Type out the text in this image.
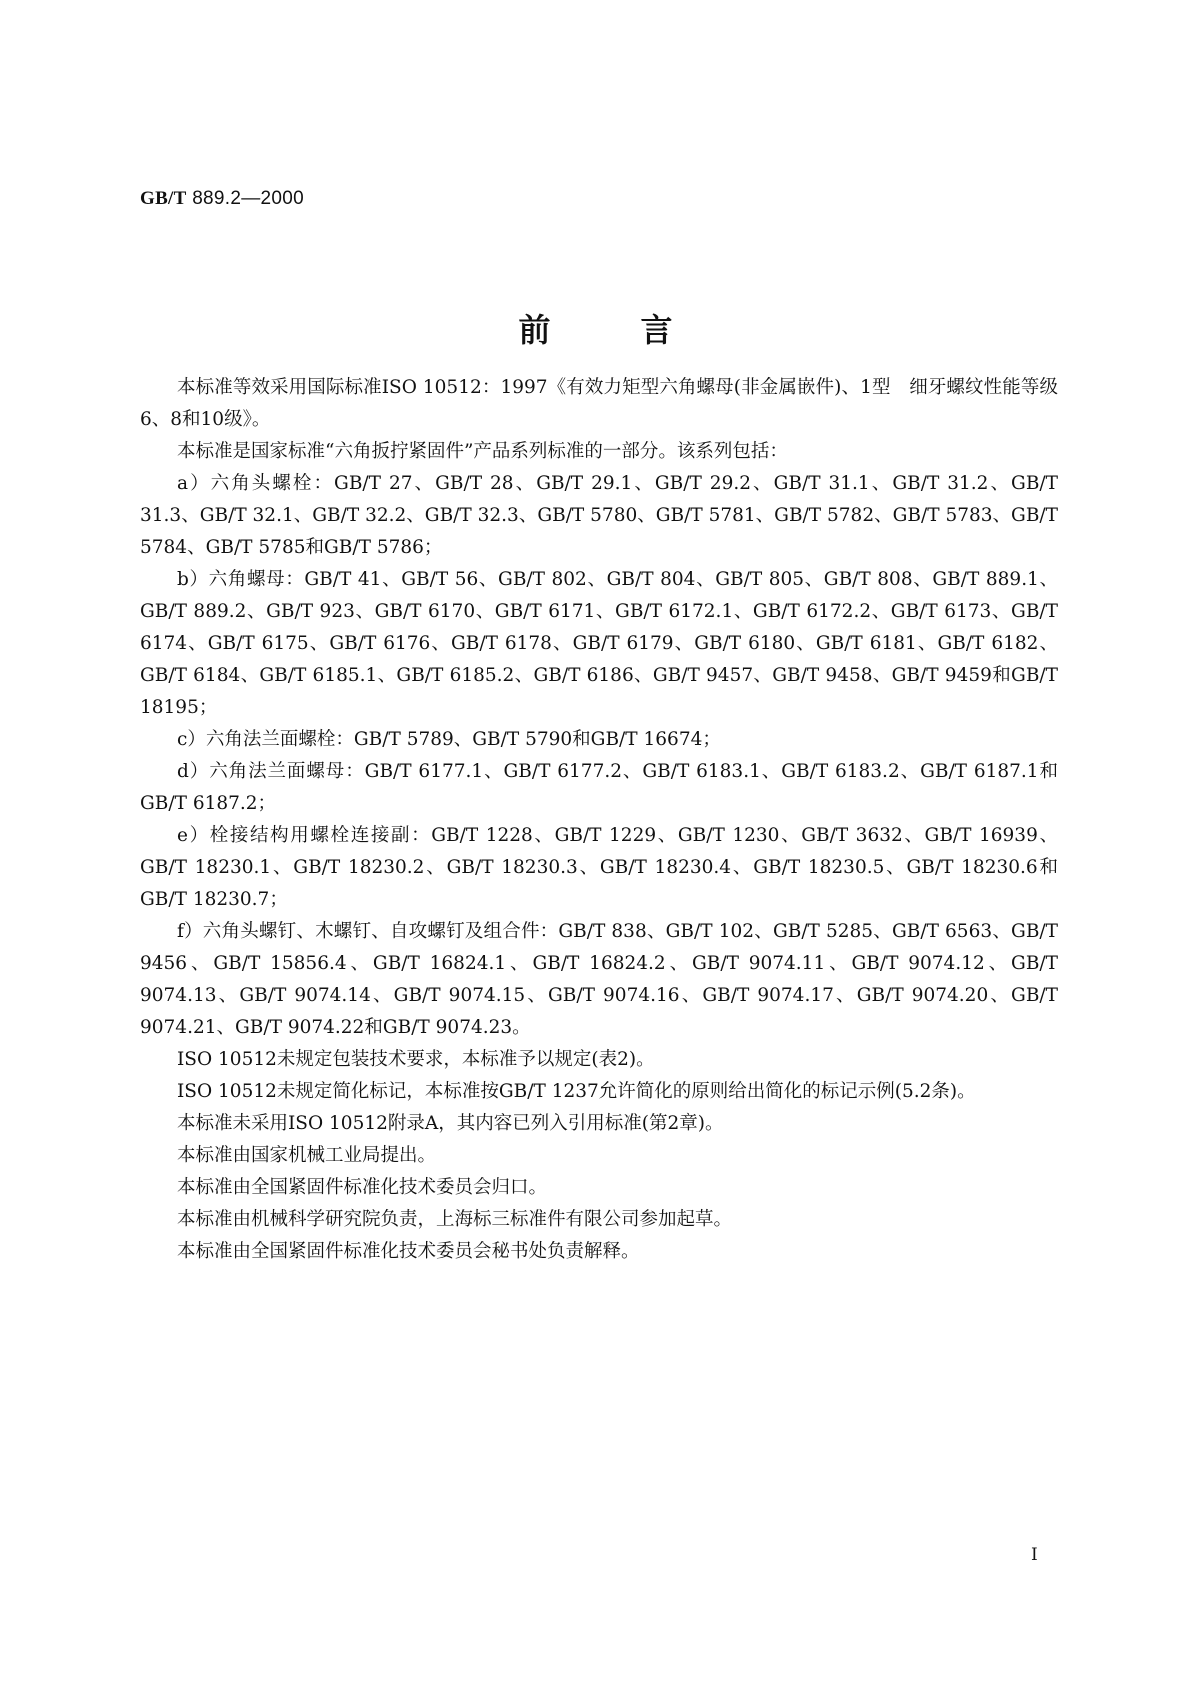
GB/T 889.2—2000
前言

本标准等效采用国际标准ISO 10512：1997《有效力矩型六角螺母(非金属嵌件)、1型　细牙螺纹性能等级6、8和10级》。

本标准是国家标准“六角扳拧紧固件”产品系列标准的一部分。该系列包括：

a）六角头螺栓：GB/T 27、GB/T 28、GB/T 29.1、GB/T 29.2、GB/T 31.1、GB/T 31.2、GB/T 31.3、GB/T 32.1、GB/T 32.2、GB/T 32.3、GB/T 5780、GB/T 5781、GB/T 5782、GB/T 5783、GB/T 5784、GB/T 5785和GB/T 5786；

b）六角螺母：GB/T 41、GB/T 56、GB/T 802、GB/T 804、GB/T 805、GB/T 808、GB/T 889.1、GB/T 889.2、GB/T 923、GB/T 6170、GB/T 6171、GB/T 6172.1、GB/T 6172.2、GB/T 6173、GB/T 6174、GB/T 6175、GB/T 6176、GB/T 6178、GB/T 6179、GB/T 6180、GB/T 6181、GB/T 6182、GB/T 6184、GB/T 6185.1、GB/T 6185.2、GB/T 6186、GB/T 9457、GB/T 9458、GB/T 9459和GB/T 18195；

c）六角法兰面螺栓：GB/T 5789、GB/T 5790和GB/T 16674；

d）六角法兰面螺母：GB/T 6177.1、GB/T 6177.2、GB/T 6183.1、GB/T 6183.2、GB/T 6187.1和GB/T 6187.2；

e）栓接结构用螺栓连接副：GB/T 1228、GB/T 1229、GB/T 1230、GB/T 3632、GB/T 16939、GB/T 18230.1、GB/T 18230.2、GB/T 18230.3、GB/T 18230.4、GB/T 18230.5、GB/T 18230.6和GB/T 18230.7；

f）六角头螺钉、木螺钉、自攻螺钉及组合件：GB/T 838、GB/T 102、GB/T 5285、GB/T 6563、GB/T 9456、GB/T 15856.4、GB/T 16824.1、GB/T 16824.2、GB/T 9074.11、GB/T 9074.12、GB/T 9074.13、GB/T 9074.14、GB/T 9074.15、GB/T 9074.16、GB/T 9074.17、GB/T 9074.20、GB/T 9074.21、GB/T 9074.22和GB/T 9074.23。

ISO 10512未规定包装技术要求，本标准予以规定(表2)。

ISO 10512未规定简化标记，本标准按GB/T 1237允许简化的原则给出简化的标记示例(5.2条)。

本标准未采用ISO 10512附录A，其内容已列入引用标准(第2章)。

本标准由国家机械工业局提出。

本标准由全国紧固件标准化技术委员会归口。

本标准由机械科学研究院负责，上海标三标准件有限公司参加起草。

本标准由全国紧固件标准化技术委员会秘书处负责解释。

Ⅰ
